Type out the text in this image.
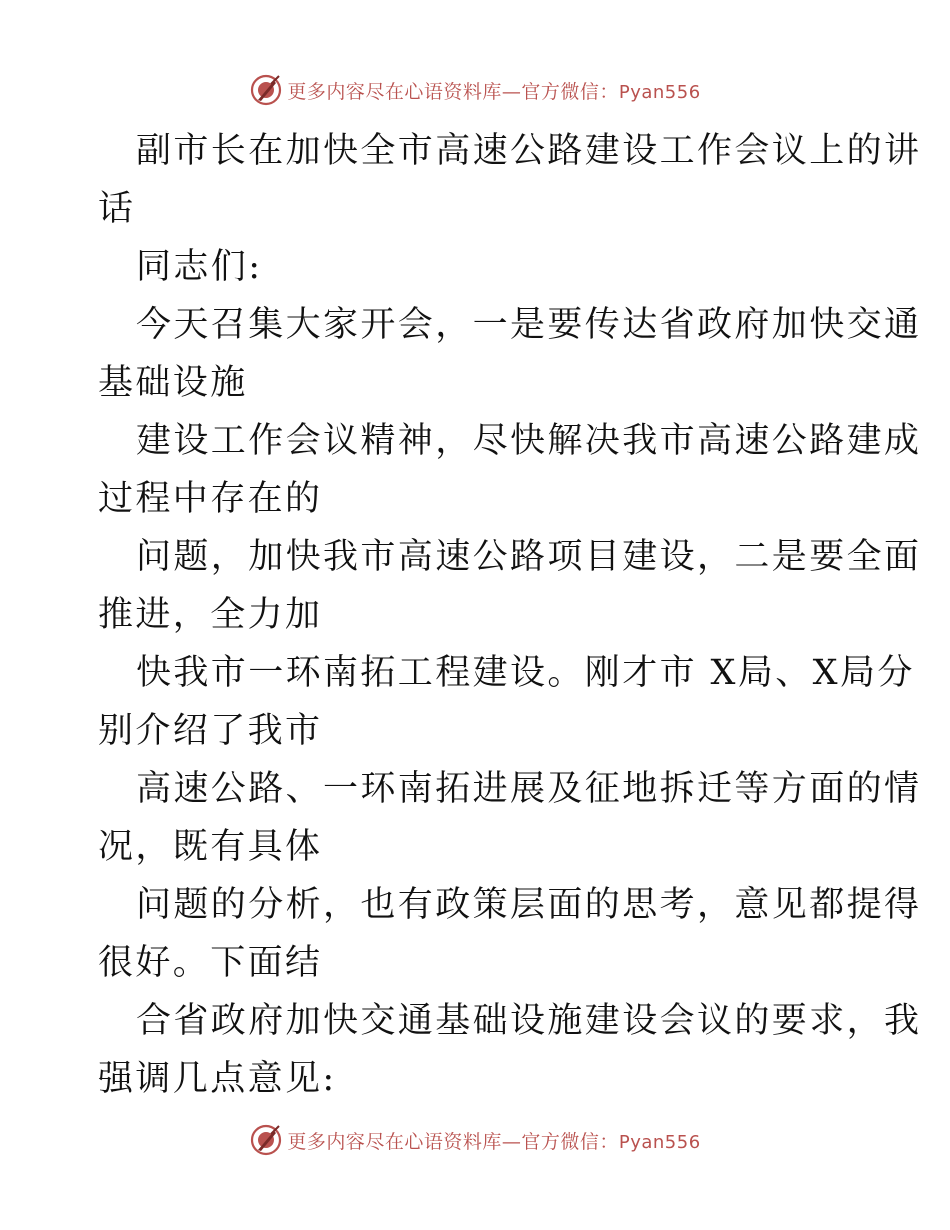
更多内容尽在心语资料库—官方微信：Pyan556
副市长在加快全市高速公路建设工作会议上的讲
话
同志们:
今天召集大家开会，一是要传达省政府加快交通
基础设施
建设工作会议精神，尽快解决我市高速公路建成
过程中存在的
问题，加快我市高速公路项目建设，二是要全面
推进，全力加
快我市一环南拓工程建设。刚才市 X局、X局分
别介绍了我市
高速公路、一环南拓进展及征地拆迁等方面的情
况，既有具体
问题的分析，也有政策层面的思考，意见都提得
很好。下面结
合省政府加快交通基础设施建设会议的要求，我
强调几点意见:
更多内容尽在心语资料库—官方微信：Pyan556
